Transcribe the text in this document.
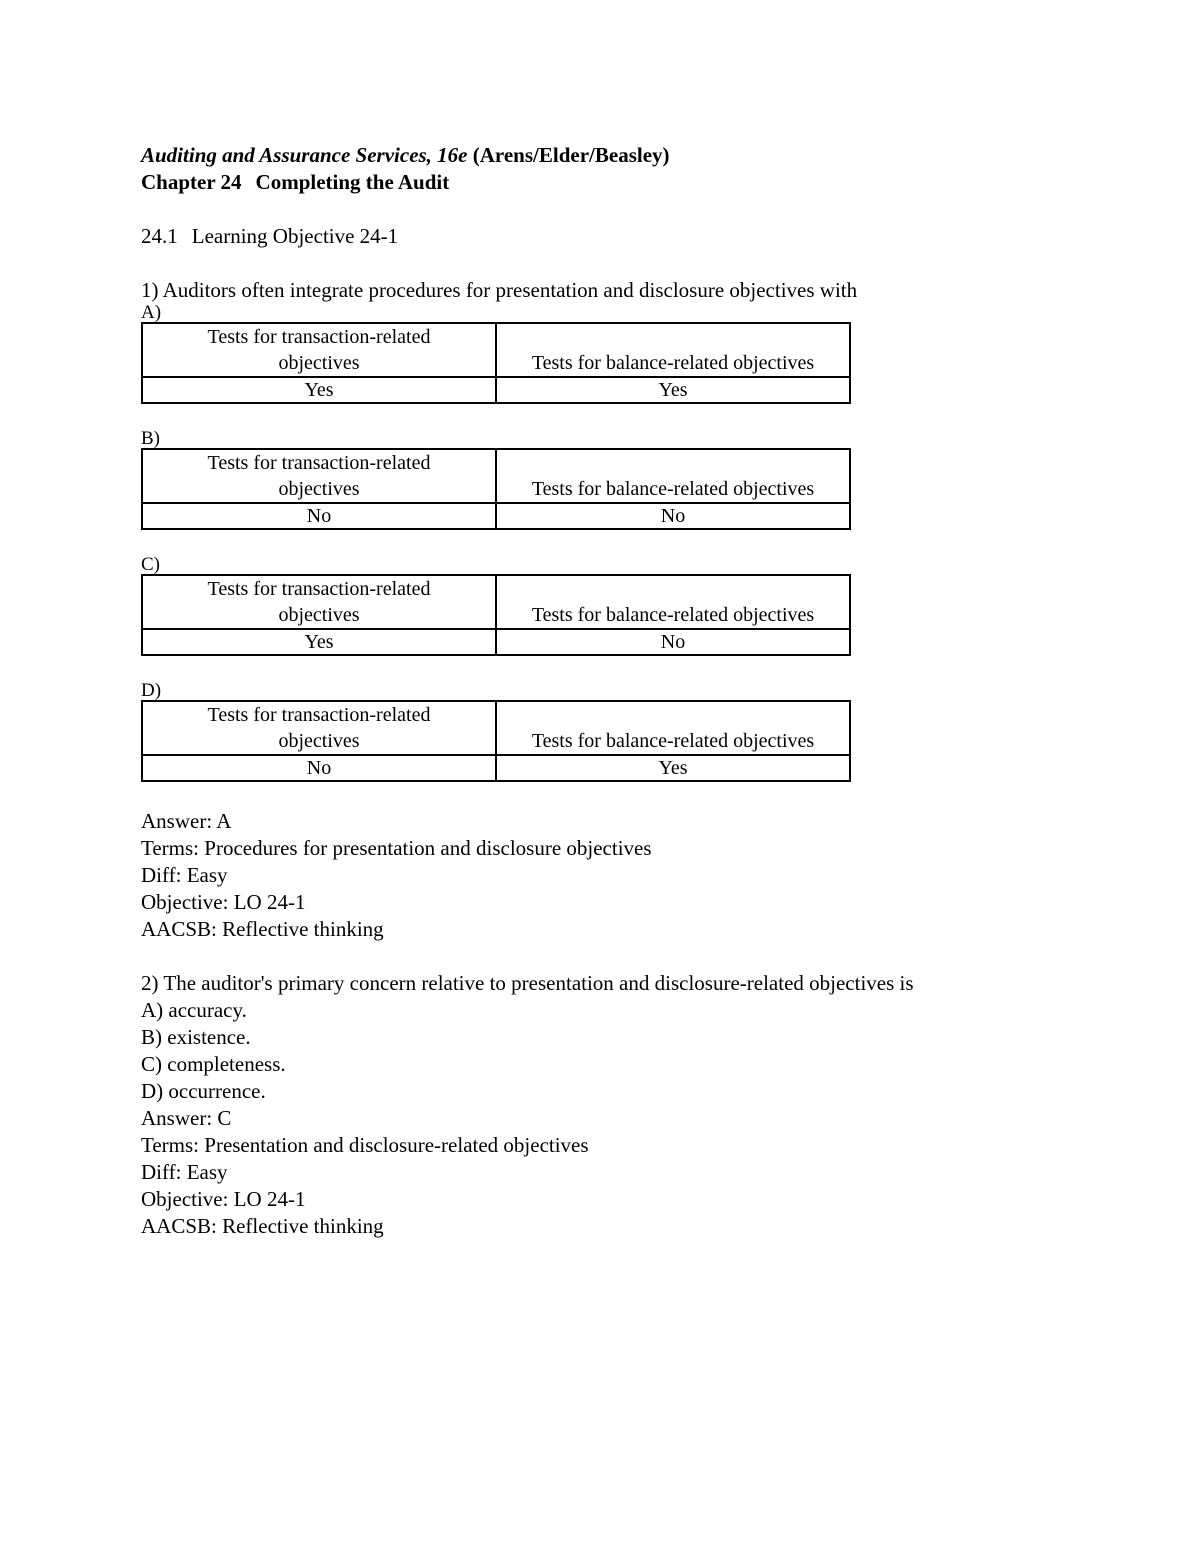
Auditing and Assurance Services, 16e (Arens/Elder/Beasley)
Chapter 24 Completing the Audit
24.1 Learning Objective 24-1
1) Auditors often integrate procedures for presentation and disclosure objectives with
A)
Tests for transaction-related
objectives	Tests for balance-related objectives
Yes	Yes
B)
Tests for transaction-related
objectives	Tests for balance-related objectives
No	No
C)
Tests for transaction-related
objectives	Tests for balance-related objectives
Yes	No
D)
Tests for transaction-related
objectives	Tests for balance-related objectives
No	Yes
Answer: A
Terms: Procedures for presentation and disclosure objectives
Diff: Easy
Objective: LO 24-1
AACSB: Reflective thinking
2) The auditor's primary concern relative to presentation and disclosure-related objectives is
A) accuracy.
B) existence.
C) completeness.
D) occurrence.
Answer: C
Terms: Presentation and disclosure-related objectives
Diff: Easy
Objective: LO 24-1
AACSB: Reflective thinking
